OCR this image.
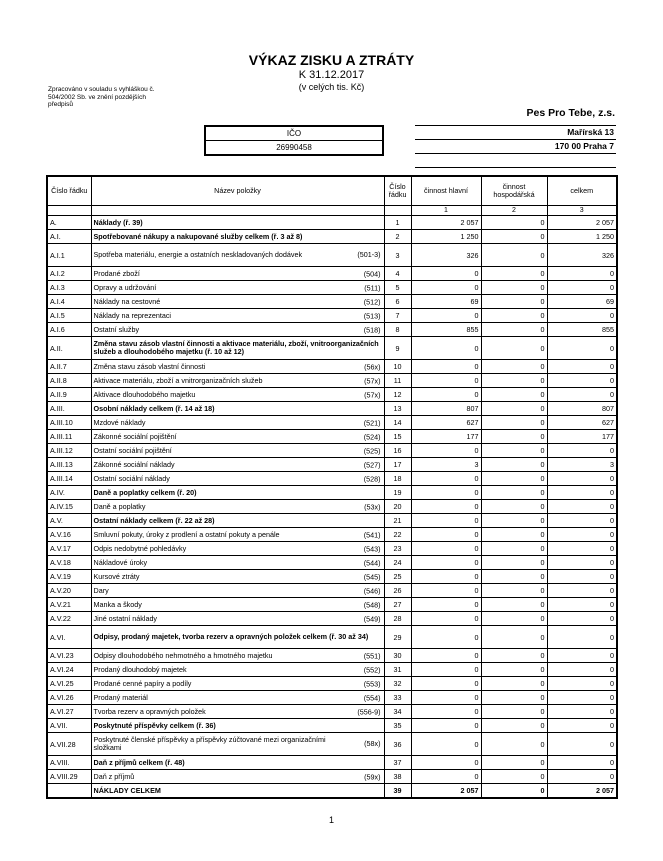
VÝKAZ ZISKU A ZTRÁTY
K 31.12.2017
(v celých tis. Kč)
Zpracováno v souladu s vyhláškou č. 504/2002 Sb. ve znění pozdějších předpisů
Pes Pro Tebe, z.s.
IČO
26990458
Mařírská 13
170 00 Praha 7
Číslo řádku	Název položky	Číslo řádku	činnost hlavní	činnost hospodářská	celkem
			1	2	3
A.	Náklady (ř. 39)	1	2 057	0	2 057
A.I.	Spotřebované nákupy a nakupované služby celkem (ř. 3 až 8)	2	1 250	0	1 250
A.I.1	Spotřeba materiálu, energie a ostatních neskladovaných dodávek (501-3)	3	326	0	326
A.I.2	Prodané zboží (504)	4	0	0	0
A.I.3	Opravy a udržování (511)	5	0	0	0
A.I.4	Náklady na cestovné (512)	6	69	0	69
A.I.5	Náklady na reprezentaci (513)	7	0	0	0
A.I.6	Ostatní služby (518)	8	855	0	855
A.II.	Změna stavu zásob vlastní činnosti a aktivace materiálu, zboží, vnitroorganizačních služeb a dlouhodobého majetku (ř. 10 až 12)	9	0	0	0
A.II.7	Změna stavu zásob vlastní činnosti (56x)	10	0	0	0
A.II.8	Aktivace materiálu, zboží a vnitrorganizačních služeb (57x)	11	0	0	0
A.II.9	Aktivace dlouhodobého majetku (57x)	12	0	0	0
A.III.	Osobní náklady celkem (ř. 14 až 18)	13	807	0	807
A.III.10	Mzdové náklady (521)	14	627	0	627
A.III.11	Zákonné sociální pojištění (524)	15	177	0	177
A.III.12	Ostatní sociální pojištění (525)	16	0	0	0
A.III.13	Zákonné sociální náklady (527)	17	3	0	3
A.III.14	Ostatní sociální náklady (528)	18	0	0	0
A.IV.	Daně a poplatky celkem (ř. 20)	19	0	0	0
A.IV.15	Daně a poplatky (53x)	20	0	0	0
A.V.	Ostatní náklady celkem (ř. 22 až 28)	21	0	0	0
A.V.16	Smluvní pokuty, úroky z prodlení a ostatní pokuty a penále (541)	22	0	0	0
A.V.17	Odpis nedobytné pohledávky (543)	23	0	0	0
A.V.18	Nákladové úroky (544)	24	0	0	0
A.V.19	Kursové ztráty (545)	25	0	0	0
A.V.20	Dary (546)	26	0	0	0
A.V.21	Manka a škody (548)	27	0	0	0
A.V.22	Jiné ostatní náklady (549)	28	0	0	0
A.VI.	Odpisy, prodaný majetek, tvorba rezerv a opravných položek celkem (ř. 30 až 34)	29	0	0	0
A.VI.23	Odpisy dlouhodobého nehmotného a hmotného majetku (551)	30	0	0	0
A.VI.24	Prodaný dlouhodobý majetek (552)	31	0	0	0
A.VI.25	Prodané cenné papíry a podíly (553)	32	0	0	0
A.VI.26	Prodaný materiál (554)	33	0	0	0
A.VI.27	Tvorba rezerv a opravných položek (556-9)	34	0	0	0
A.VII.	Poskytnuté příspěvky celkem (ř. 36)	35	0	0	0
A.VII.28	Poskytnuté členské příspěvky a příspěvky zúčtované mezi organizačními složkami (58x)	36	0	0	0
A.VIII.	Daň z příjmů celkem (ř. 48)	37	0	0	0
A.VIII.29	Daň z příjmů (59x)	38	0	0	0
	NÁKLADY CELKEM	39	2 057	0	2 057
1
